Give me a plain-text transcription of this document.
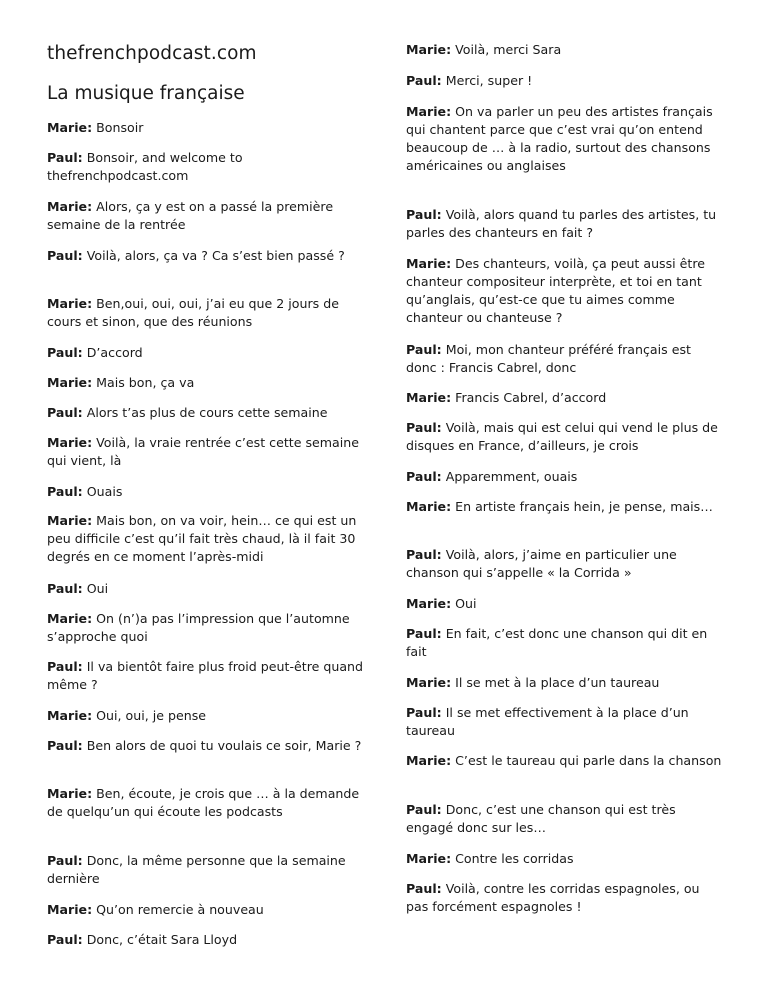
thefrenchpodcast.com
La musique française
Marie: Bonsoir
Paul: Bonsoir, and welcome to thefrenchpodcast.com
Marie: Alors, ça y est on a passé la première semaine de la rentrée
Paul: Voilà, alors, ça va ? Ca s’est bien passé ?
Marie: Ben,oui, oui, oui, j’ai eu que 2 jours de cours et sinon, que des réunions
Paul: D’accord
Marie: Mais bon, ça va
Paul: Alors t’as plus de cours cette semaine
Marie: Voilà, la vraie rentrée c’est cette semaine qui vient, là
Paul: Ouais
Marie: Mais bon, on va voir, hein… ce qui est un peu difficile c’est qu’il fait très chaud, là il fait 30 degrés en ce moment l’après-midi
Paul: Oui
Marie: On (n’)a pas l’impression que l’automne s’approche quoi
Paul: Il va bientôt faire plus froid peut-être quand même ?
Marie: Oui, oui, je pense
Paul: Ben alors de quoi tu voulais ce soir, Marie ?
Marie: Ben, écoute, je crois que … à la demande de quelqu’un qui écoute les podcasts
Paul: Donc, la même personne que la semaine dernière
Marie: Qu’on remercie à nouveau
Paul: Donc, c’était Sara Lloyd
Marie: Voilà, merci Sara
Paul: Merci, super !
Marie: On va parler un peu des artistes français qui chantent parce que c’est vrai qu’on entend beaucoup de … à la radio, surtout des chansons américaines ou anglaises
Paul: Voilà, alors quand tu parles des artistes, tu parles des chanteurs en fait ?
Marie: Des chanteurs, voilà, ça peut aussi être chanteur compositeur interprète, et toi en tant qu’anglais, qu’est-ce que tu aimes comme chanteur ou chanteuse ?
Paul: Moi, mon chanteur préféré français est donc : Francis Cabrel, donc
Marie: Francis Cabrel, d’accord
Paul: Voilà, mais qui est celui qui vend le plus de disques en France, d’ailleurs, je crois
Paul: Apparemment, ouais
Marie: En artiste français hein, je pense, mais…
Paul: Voilà, alors, j’aime en particulier une chanson qui s’appelle « la Corrida »
Marie: Oui
Paul: En fait, c’est donc une chanson qui dit en fait
Marie: Il se met à la place d’un taureau
Paul: Il se met effectivement à la place d’un taureau
Marie: C’est le taureau qui parle dans la chanson
Paul: Donc, c’est une chanson qui est très engagé donc sur les…
Marie: Contre les corridas
Paul: Voilà, contre les corridas espagnoles, ou pas forcément espagnoles !
